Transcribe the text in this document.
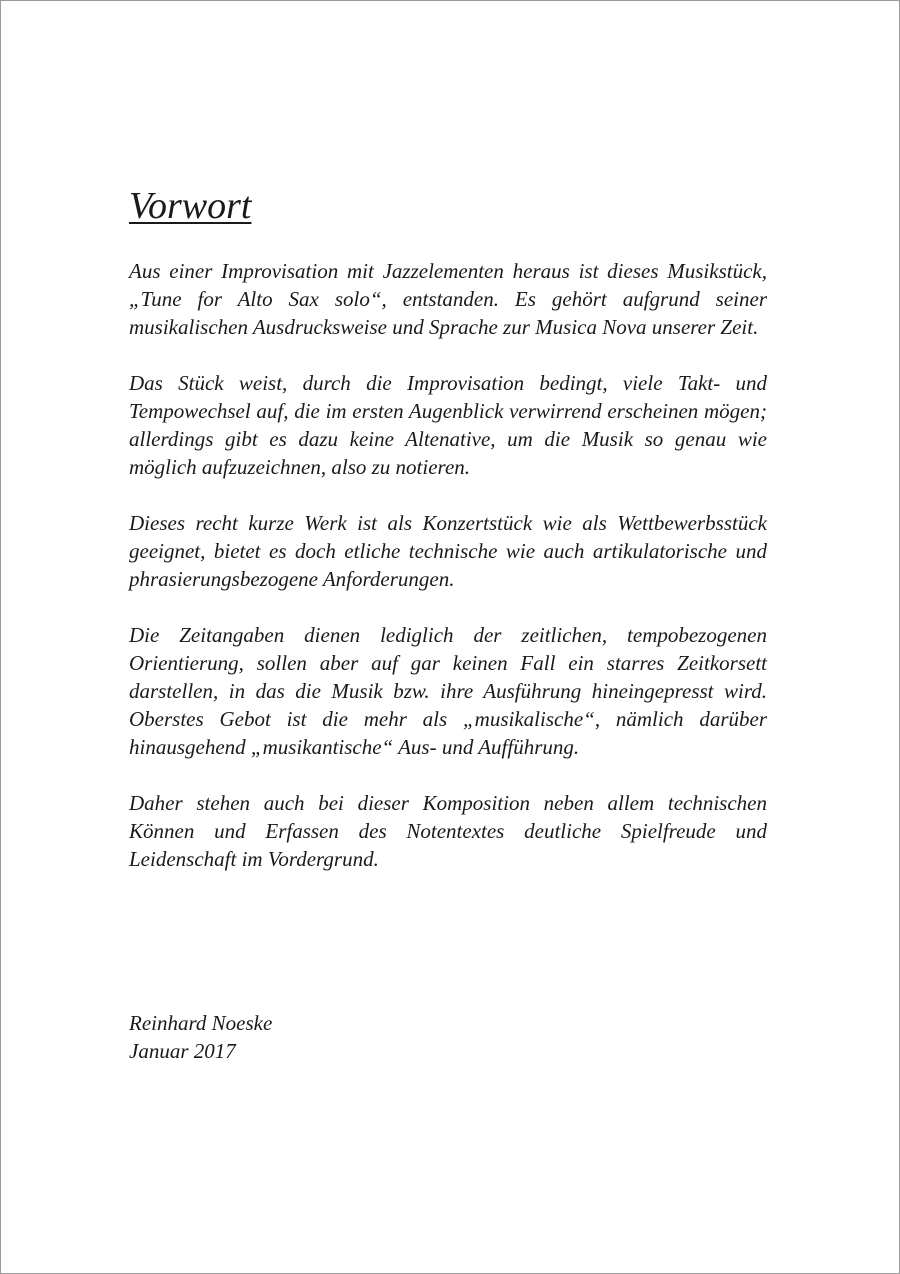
Vorwort

Aus einer Improvisation mit Jazzelementen heraus ist dieses Musikstück, „Tune for Alto Sax solo“, entstanden. Es gehört aufgrund seiner musikalischen Ausdrucksweise und Sprache zur Musica Nova unserer Zeit.

Das Stück weist, durch die Improvisation bedingt, viele Takt- und Tempowechsel auf, die im ersten Augenblick verwirrend erscheinen mögen; allerdings gibt es dazu keine Altenative, um die Musik so genau wie möglich aufzuzeichnen, also zu notieren.

Dieses recht kurze Werk ist als Konzertstück wie als Wettbewerbsstück geeignet, bietet es doch etliche technische wie auch artikulatorische und phrasierungsbezogene Anforderungen.

Die Zeitangaben dienen lediglich der zeitlichen, tempobezogenen Orientierung, sollen aber auf gar keinen Fall ein starres Zeitkorsett darstellen, in das die Musik bzw. ihre Ausführung hineingepresst wird. Oberstes Gebot ist die mehr als „musikalische“, nämlich darüber hinausgehend „musikantische“ Aus- und Aufführung.

Daher stehen auch bei dieser Komposition neben allem technischen Können und Erfassen des Notentextes deutliche Spielfreude und Leidenschaft im Vordergrund.

Reinhard Noeske
Januar 2017
